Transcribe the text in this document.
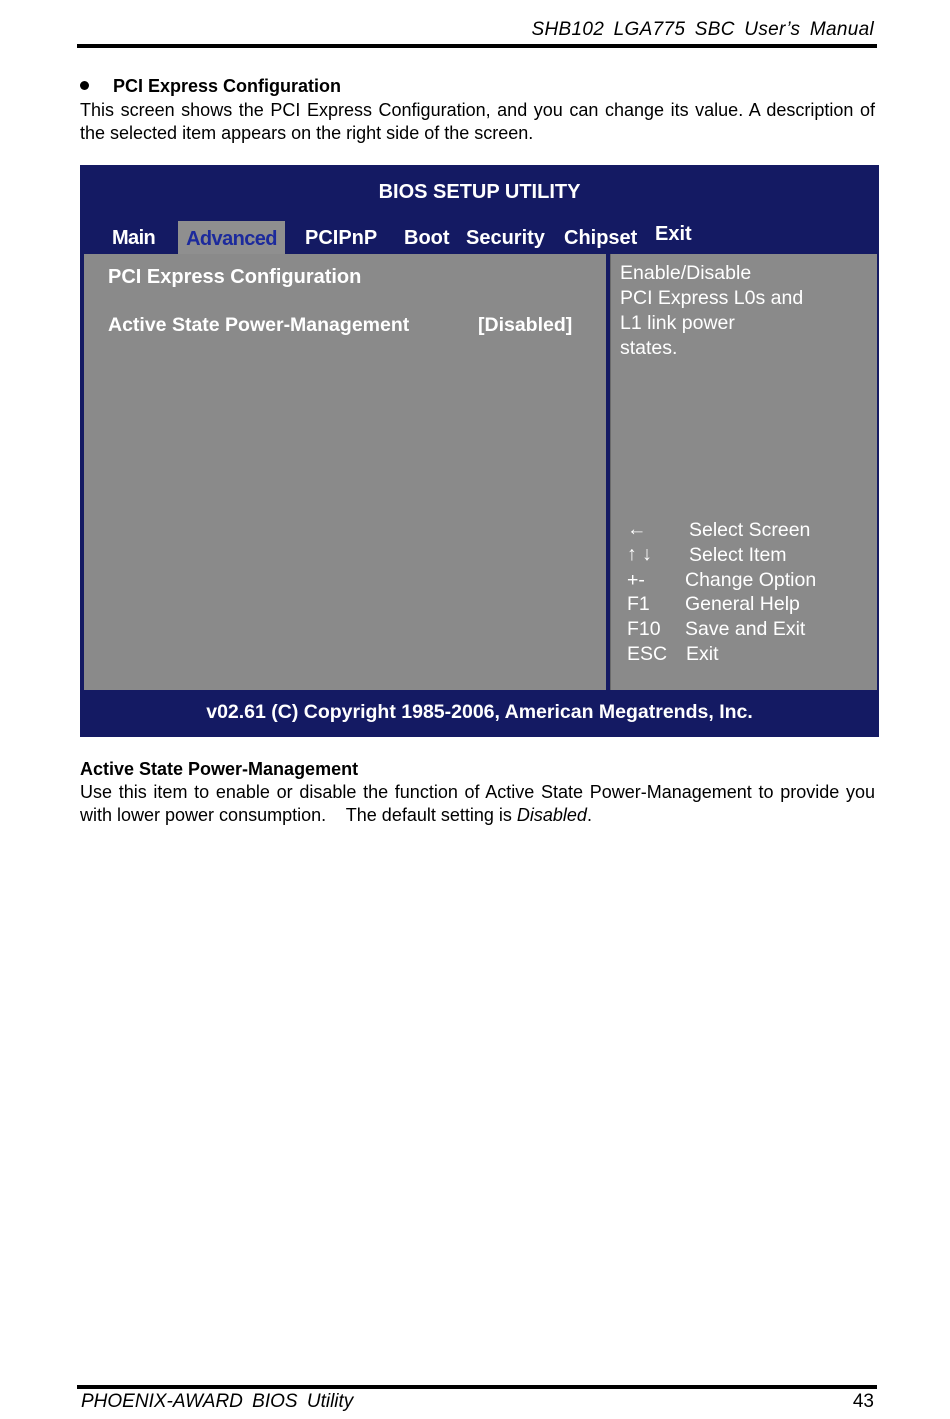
SHB102 LGA775 SBC User’s Manual
PCI Express Configuration
This screen shows the PCI Express Configuration, and you can change its value. A description of the selected item appears on the right side of the screen.
BIOS SETUP UTILITY
Main	Advanced	PCIPnP Boot Security Chipset Exit
PCI Express Configuration
Active State Power-Management	[Disabled]
Enable/Disable
PCI Express L0s and
L1 link power
states.
← Select Screen
↑ ↓ Select Item
+- Change Option
F1 General Help
F10 Save and Exit
ESC Exit
v02.61 (C) Copyright 1985-2006, American Megatrends, Inc.
Active State Power-Management
Use this item to enable or disable the function of Active State Power-Management to provide you with lower power consumption.    The default setting is Disabled.
PHOENIX-AWARD BIOS Utility	43
